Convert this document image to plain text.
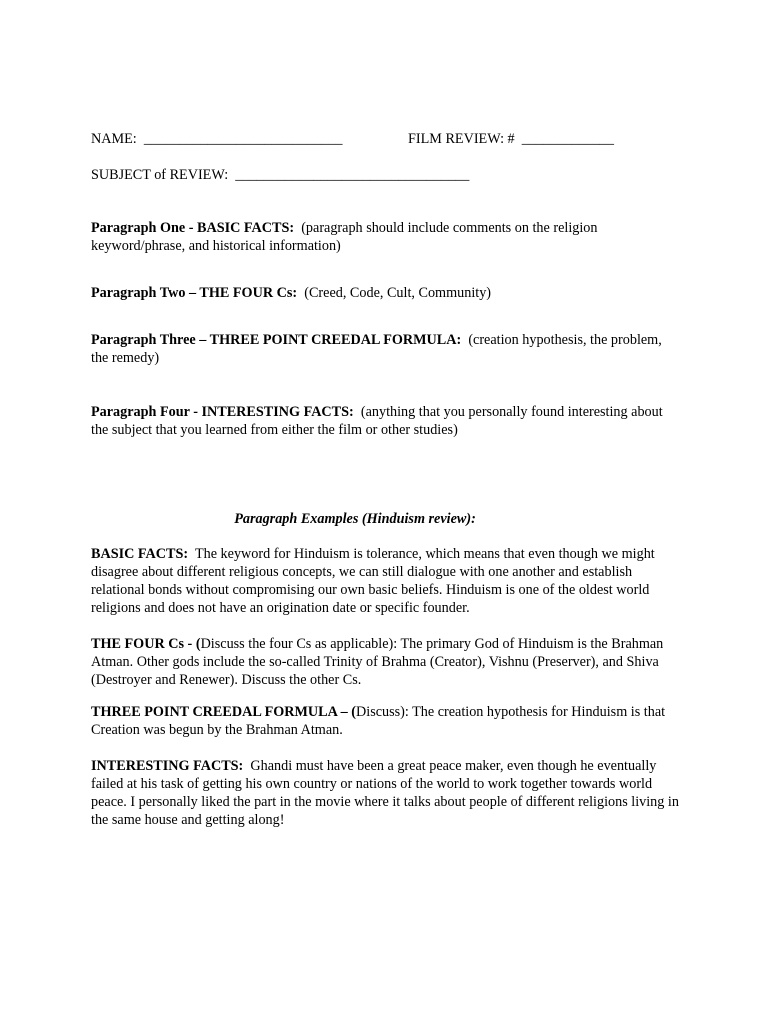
NAME: ____________________________	FILM REVIEW: # _____________
SUBJECT of REVIEW: _________________________________
Paragraph One - BASIC FACTS: (paragraph should include comments on the religion keyword/phrase, and historical information)
Paragraph Two – THE FOUR Cs: (Creed, Code, Cult, Community)
Paragraph Three – THREE POINT CREEDAL FORMULA: (creation hypothesis, the problem, the remedy)
Paragraph Four - INTERESTING FACTS: (anything that you personally found interesting about the subject that you learned from either the film or other studies)
Paragraph Examples (Hinduism review):
BASIC FACTS: The keyword for Hinduism is tolerance, which means that even though we might disagree about different religious concepts, we can still dialogue with one another and establish relational bonds without compromising our own basic beliefs. Hinduism is one of the oldest world religions and does not have an origination date or specific founder.
THE FOUR Cs - (Discuss the four Cs as applicable): The primary God of Hinduism is the Brahman Atman. Other gods include the so-called Trinity of Brahma (Creator), Vishnu (Preserver), and Shiva (Destroyer and Renewer). Discuss the other Cs.
THREE POINT CREEDAL FORMULA – (Discuss): The creation hypothesis for Hinduism is that Creation was begun by the Brahman Atman.
INTERESTING FACTS: Ghandi must have been a great peace maker, even though he eventually failed at his task of getting his own country or nations of the world to work together towards world peace. I personally liked the part in the movie where it talks about people of different religions living in the same house and getting along!
